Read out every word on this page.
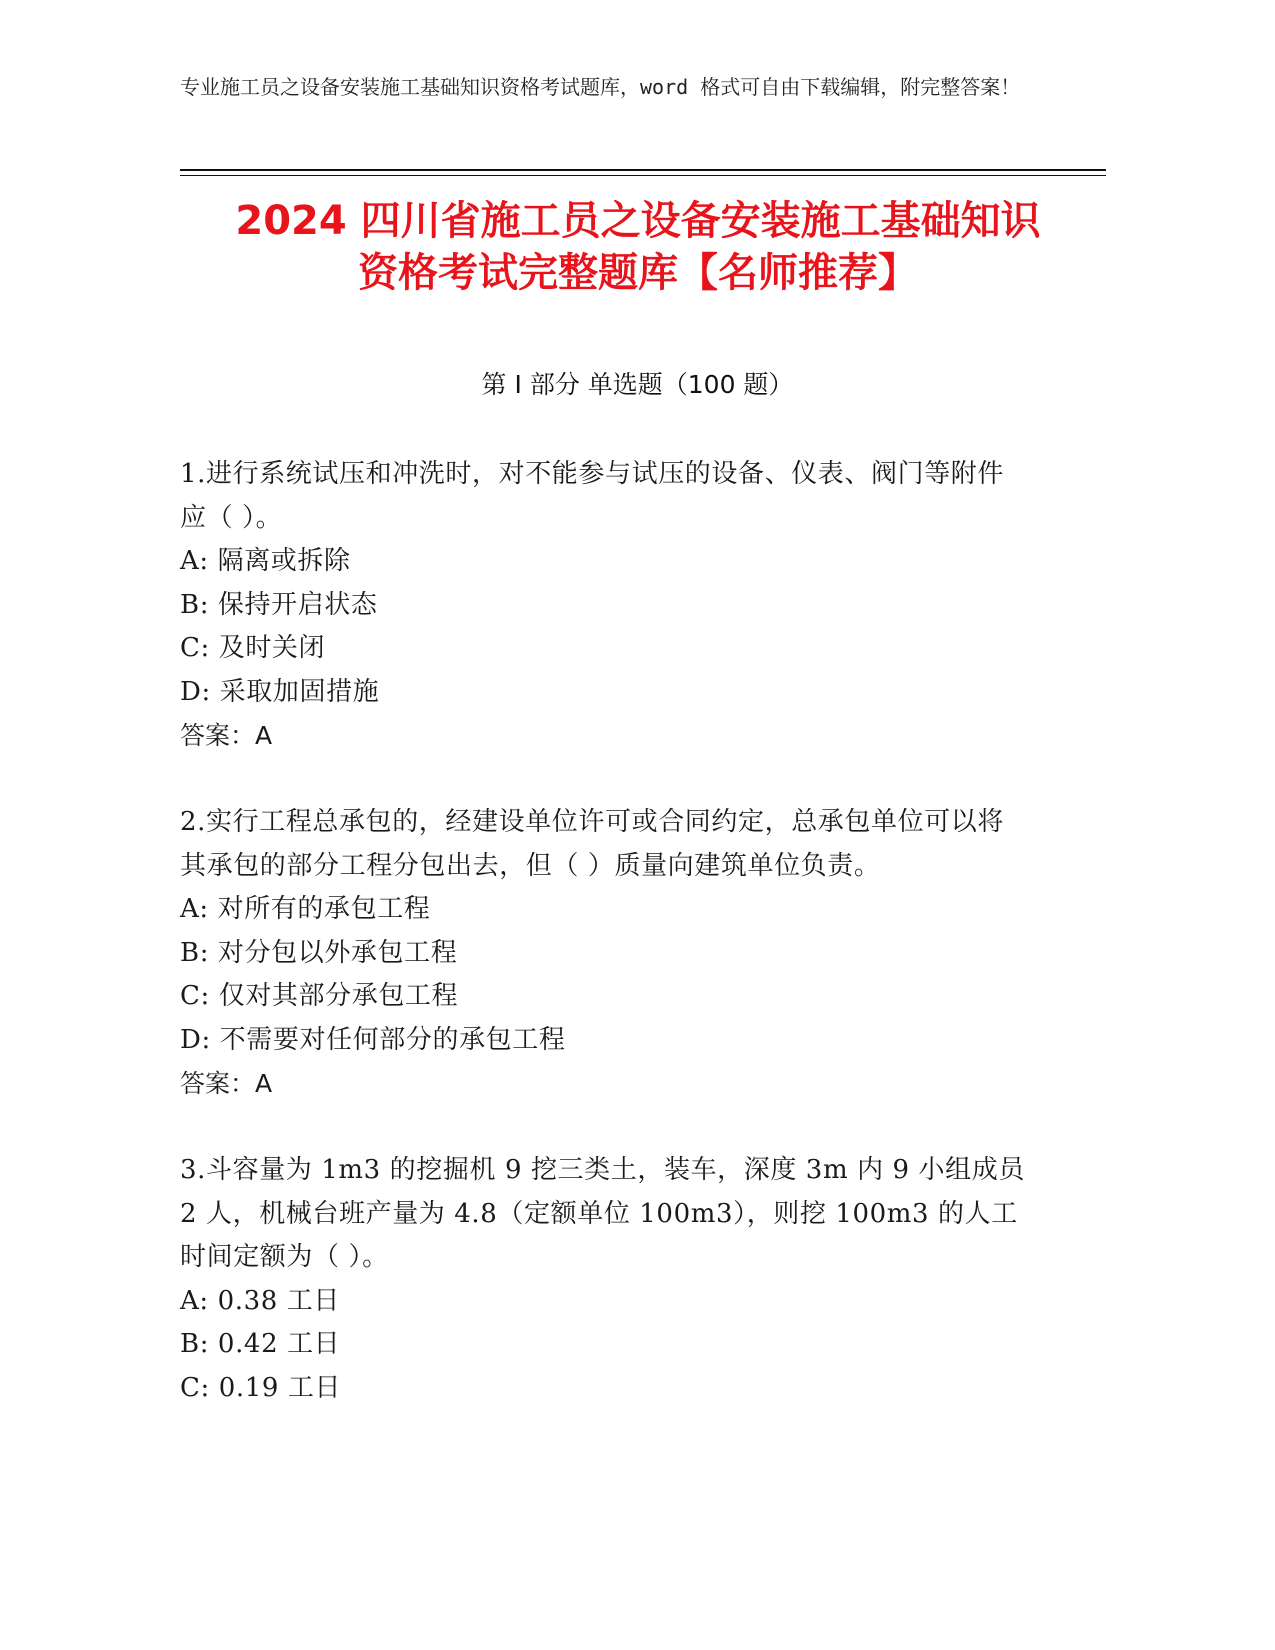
专业施工员之设备安装施工基础知识资格考试题库，word 格式可自由下载编辑，附完整答案！
2024 四川省施工员之设备安装施工基础知识
资格考试完整题库【名师推荐】
第 I 部分 单选题（100 题）

1.进行系统试压和冲洗时，对不能参与试压的设备、仪表、阀门等附件应（ ）。

A: 隔离或拆除

B: 保持开启状态

C: 及时关闭

D: 采取加固措施

答案：A

2.实行工程总承包的，经建设单位许可或合同约定，总承包单位可以将其承包的部分工程分包出去，但（ ）质量向建筑单位负责。

A: 对所有的承包工程

B: 对分包以外承包工程

C: 仅对其部分承包工程

D: 不需要对任何部分的承包工程

答案：A

3.斗容量为 1m3 的挖掘机 9 挖三类土，装车，深度 3m 内 9 小组成员 2 人，机械台班产量为 4.8（定额单位 100m3），则挖 100m3 的人工时间定额为（ ）。

A: 0.38 工日

B: 0.42 工日

C: 0.19 工日
